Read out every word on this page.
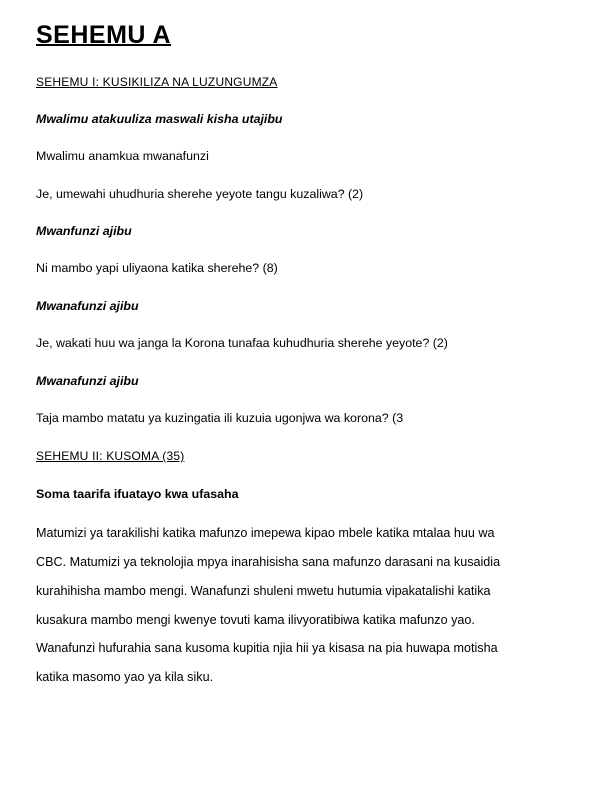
SEHEMU A
SEHEMU I: KUSIKILIZA NA LUZUNGUMZA
Mwalimu atakuuliza maswali kisha utajibu
Mwalimu anamkua mwanafunzi
Je, umewahi uhudhuria sherehe yeyote tangu kuzaliwa? (2)
Mwanfunzi ajibu
Ni mambo yapi uliyaona katika sherehe? (8)
Mwanafunzi ajibu
Je, wakati huu wa janga la Korona tunafaa kuhudhuria sherehe yeyote? (2)
Mwanafunzi ajibu
Taja mambo matatu ya kuzingatia ili kuzuia ugonjwa wa korona? (3
SEHEMU II: KUSOMA (35)
Soma taarifa ifuatayo kwa ufasaha
Matumizi ya tarakilishi katika mafunzo imepewa kipao mbele katika mtalaa huu wa
CBC. Matumizi ya teknolojia mpya inarahisisha sana mafunzo darasani na kusaidia
kurahihisha mambo mengi. Wanafunzi shuleni mwetu hutumia vipakatalishi katika
kusakura mambo mengi kwenye tovuti kama ilivyoratibiwa katika mafunzo yao.
Wanafunzi hufurahia sana kusoma kupitia njia hii ya kisasa na pia huwapa motisha
katika masomo yao ya kila siku.
